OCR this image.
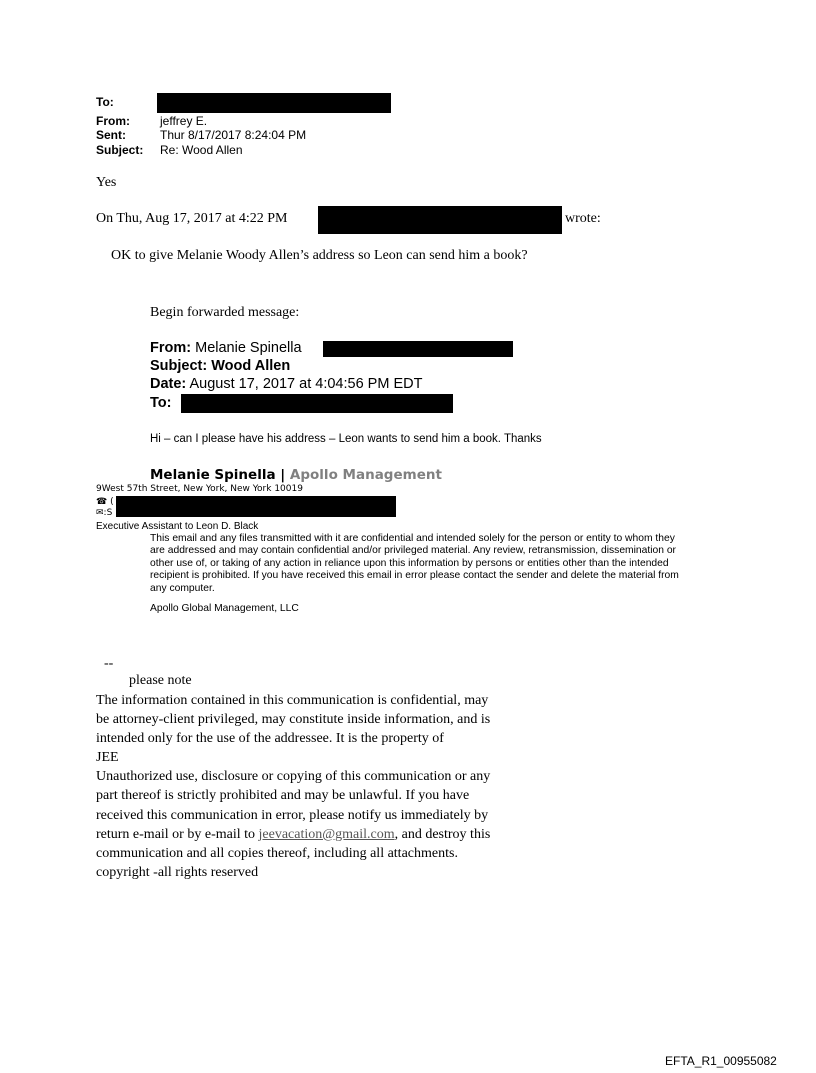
To:
From:	jeffrey E.
Sent:	Thur 8/17/2017 8:24:04 PM
Subject: Re: Wood Allen
Yes
On Thu, Aug 17, 2017 at 4:22 PM	wrote:
OK to give Melanie Woody Allen’s address so Leon can send him a book?
Begin forwarded message:
From: Melanie Spinella
Subject: Wood Allen
Date: August 17, 2017 at 4:04:56 PM EDT
To:
Hi – can I please have his address – Leon wants to send him a book. Thanks
Melanie Spinella | Apollo Management
9West 57th Street, New York, New York 10019
☎ (
✉:S
Executive Assistant to Leon D. Black
This email and any files transmitted with it are confidential and intended solely for the person or entity to whom they are addressed and may contain confidential and/or privileged material. Any review, retransmission, dissemination or other use of, or taking of any action in reliance upon this information by persons or entities other than the intended recipient is prohibited. If you have received this email in error please contact the sender and delete the material from any computer.
Apollo Global Management, LLC
--
please note
The information contained in this communication is confidential, may be attorney-client privileged, may constitute inside information, and is intended only for the use of the addressee. It is the property of
JEE
Unauthorized use, disclosure or copying of this communication or any part thereof is strictly prohibited and may be unlawful. If you have received this communication in error, please notify us immediately by return e-mail or by e-mail to jeevacation@gmail.com, and destroy this communication and all copies thereof, including all attachments. copyright -all rights reserved
EFTA_R1_00955082
